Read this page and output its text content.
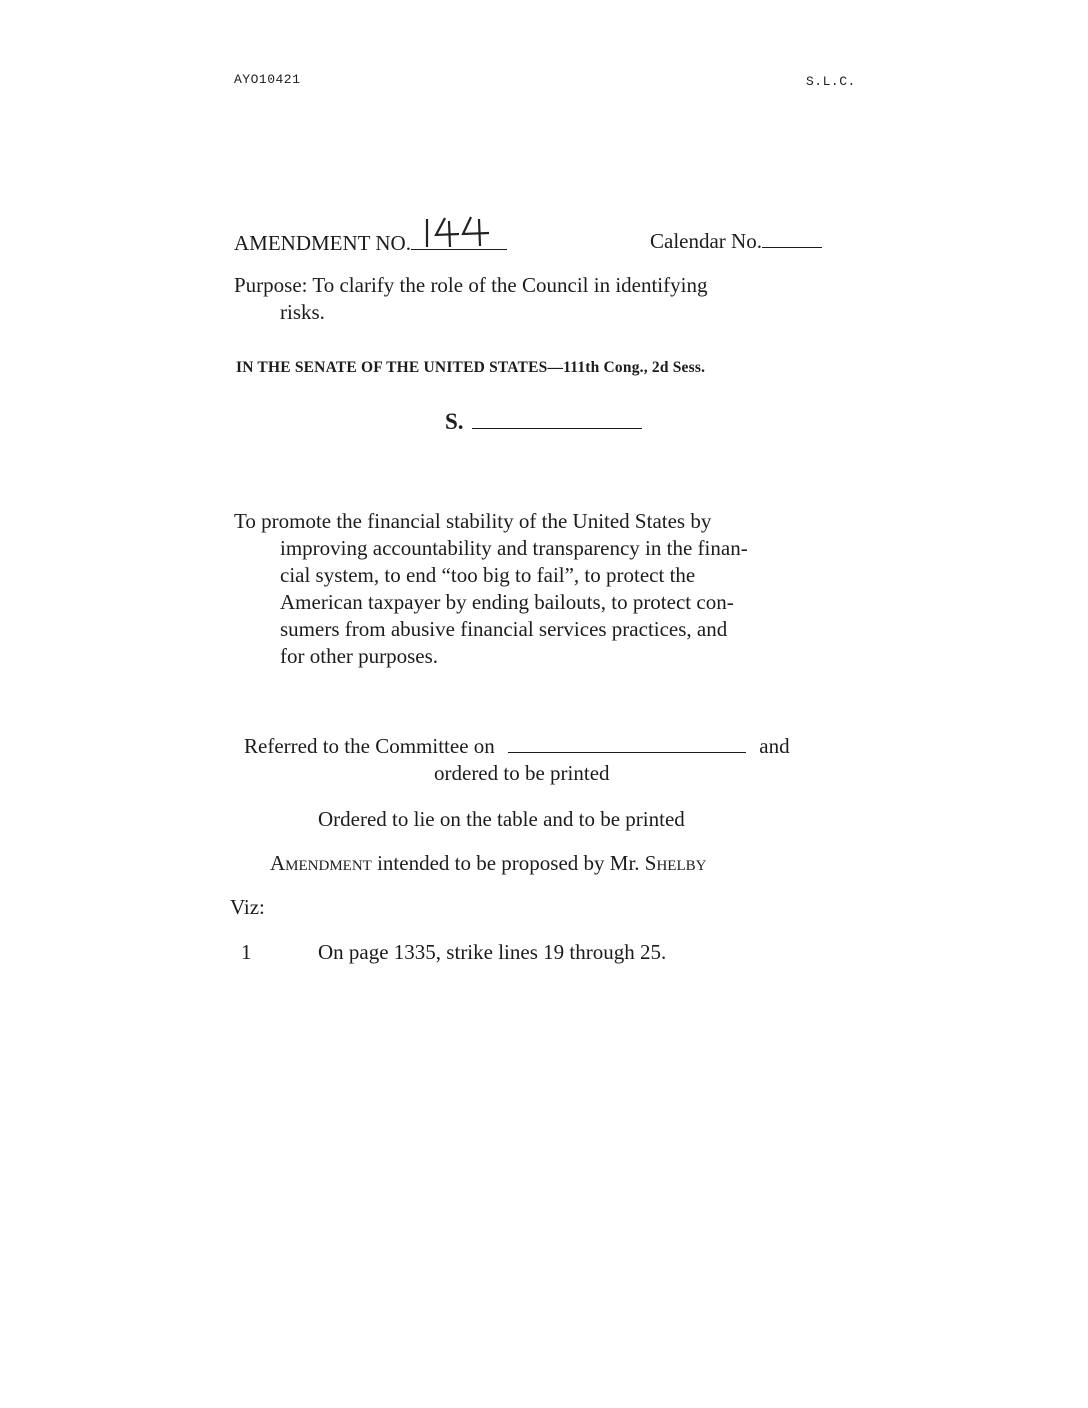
AYO10421	S.L.C.
AMENDMENT NO.	Calendar No.
Purpose: To clarify the role of the Council in identifying
risks.
IN THE SENATE OF THE UNITED STATES—111th Cong., 2d Sess.
S.
To promote the financial stability of the United States by
improving accountability and transparency in the finan-
cial system, to end “too big to fail”, to protect the
American taxpayer by ending bailouts, to protect con-
sumers from abusive financial services practices, and
for other purposes.
Referred to the Committee on	and
ordered to be printed
Ordered to lie on the table and to be printed
Amendment intended to be proposed by Mr. Shelby
Viz:
1	On page 1335, strike lines 19 through 25.
